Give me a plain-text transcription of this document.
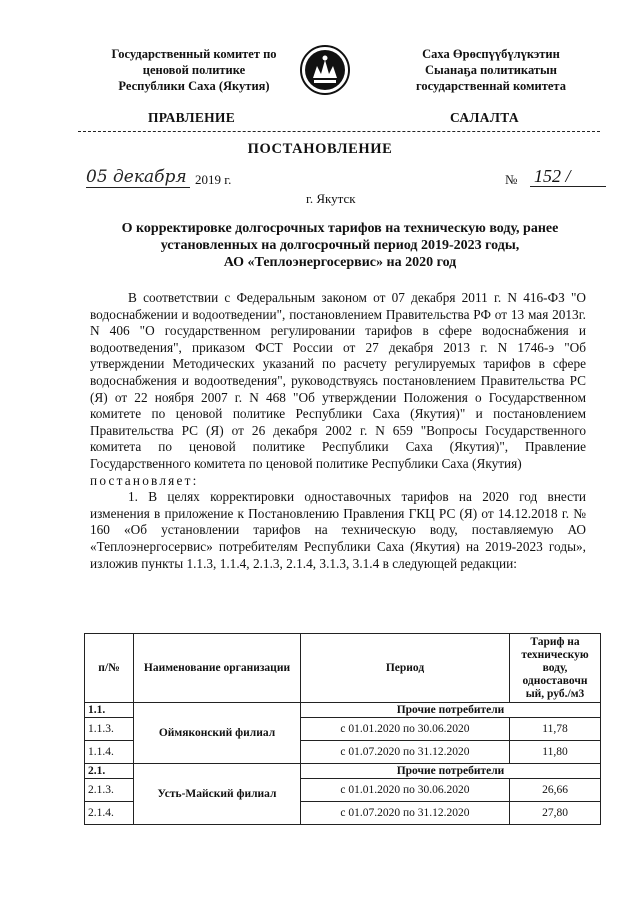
Государственный комитет по
ценовой политике
Республики Саха (Якутия)
Саха Өрөспүүбүлүкэтин
Сыанаҕа политикатын
государственнай комитета
ПРАВЛЕНИЕ	САЛАЛТА
ПОСТАНОВЛЕНИЕ
05 декабря 2019 г.	№ 152 /
г. Якутск
О корректировке долгосрочных тарифов на техническую воду, ранее
установленных на долгосрочный период 2019-2023 годы,
АО «Теплоэнергосервис» на 2020 год

В соответствии с Федеральным законом от 07 декабря 2011 г. N 416-ФЗ "О водоснабжении и водоотведении", постановлением Правительства РФ от 13 мая 2013г. N 406 "О государственном регулировании тарифов в сфере водоснабжения и водоотведения", приказом ФСТ России от 27 декабря 2013 г. N 1746-э "Об утверждении Методических указаний по расчету регулируемых тарифов в сфере водоснабжения и водоотведения", руководствуясь постановлением Правительства РС (Я) от 22 ноября 2007 г. N 468 "Об утверждении Положения о Государственном комитете по ценовой политике Республики Саха (Якутия)" и постановлением Правительства РС (Я) от 26 декабря 2002 г. N 659 "Вопросы Государственного комитета по ценовой политике Республики Саха (Якутия)", Правление Государственного комитета по ценовой политике Республики Саха (Якутия)

постановляет:

1. В целях корректировки одноставочных тарифов на 2020 год внести изменения в приложение к Постановлению Правления ГКЦ РС (Я) от 14.12.2018 г. № 160 «Об установлении тарифов на техническую воду, поставляемую АО «Теплоэнергосервис» потребителям Республики Саха (Якутия) на 2019-2023 годы», изложив пункты 1.1.3, 1.1.4, 2.1.3, 2.1.4, 3.1.3, 3.1.4 в следующей редакции:

п/№	Наименование организации	Период	Тариф на техническую воду, одноставочн ый, руб./м3
1.1.	Оймяконский филиал	Прочие потребители	
1.1.3.		с 01.01.2020 по 30.06.2020	11,78
1.1.4.		с 01.07.2020 по 31.12.2020	11,80
2.1.	Усть-Майский филиал	Прочие потребители	
2.1.3.		с 01.01.2020 по 30.06.2020	26,66
2.1.4.		с 01.07.2020 по 31.12.2020	27,80
